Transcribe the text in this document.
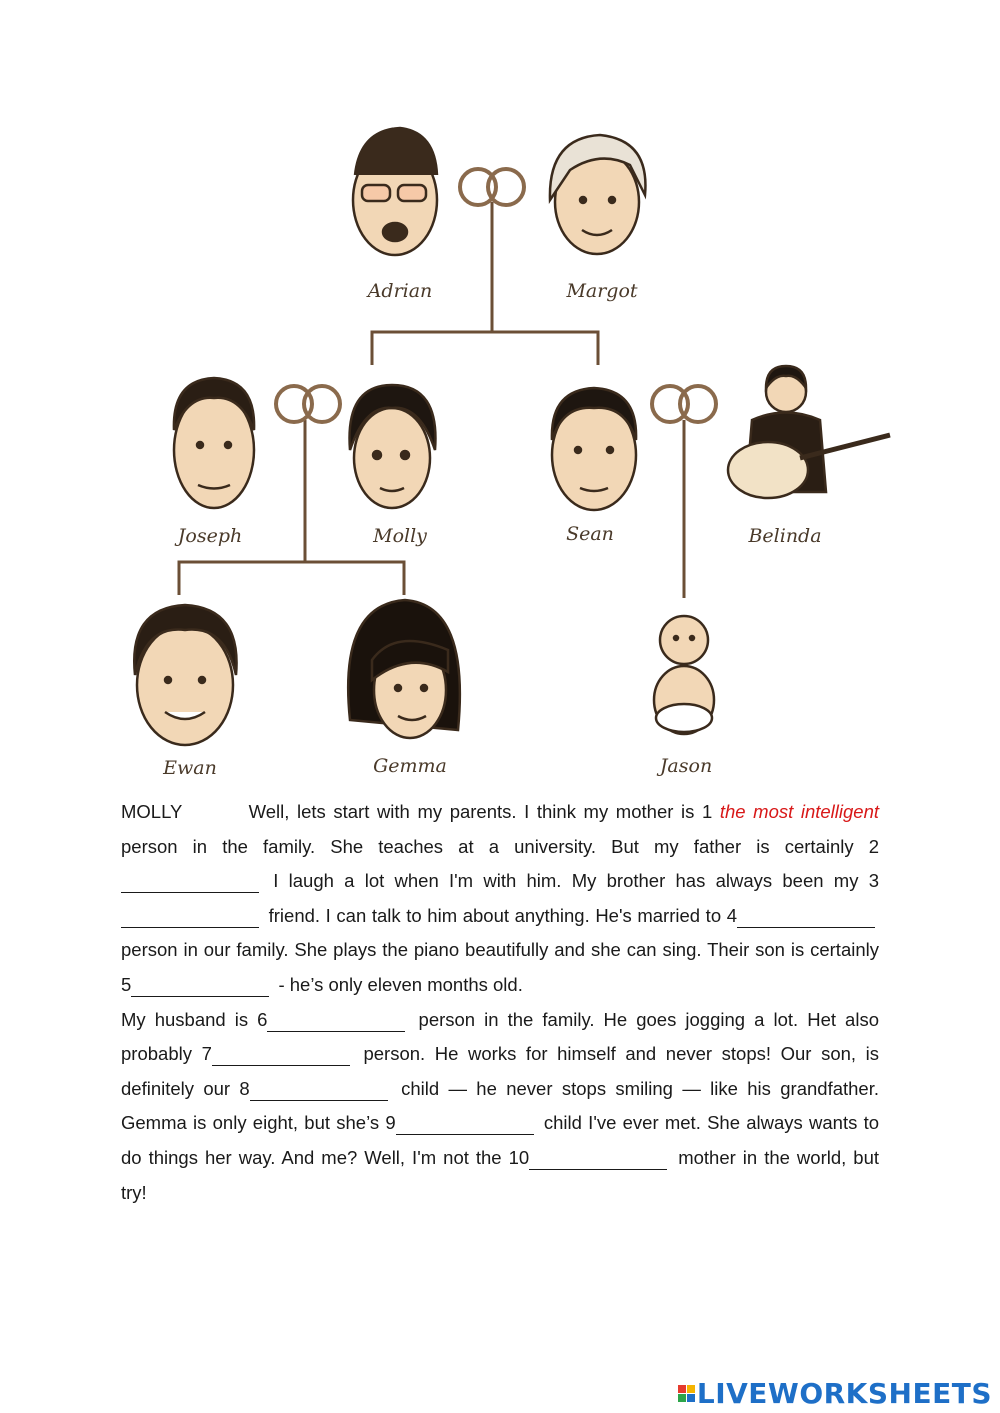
Adrian	Margot
Joseph	Molly	Sean	Belinda
Ewan	Gemma	Jason

MOLLY	Well, lets start with my parents. I think my mother is 1 the most intelligent person in the family. She teaches at a university. But my father is certainly 2 I laugh a lot when I'm with him. My brother has always been my 3 friend. I can talk to him about anything. He's married to 4 person in our family. She plays the piano beautifully and she can sing. Their son is certainly 5	- he’s only eleven months old.

My husband is 6	person in the family. He goes jogging a lot. Het also probably 7	person. He works for himself and never stops! Our son, is definitely our 8	child — he never stops smiling — like his grandfather. Gemma is only eight, but she’s 9	child I've ever met. She always wants to do things her way. And me? Well, I'm not the 10	mother in the world, but try!

LIVEWORKSHEETS
